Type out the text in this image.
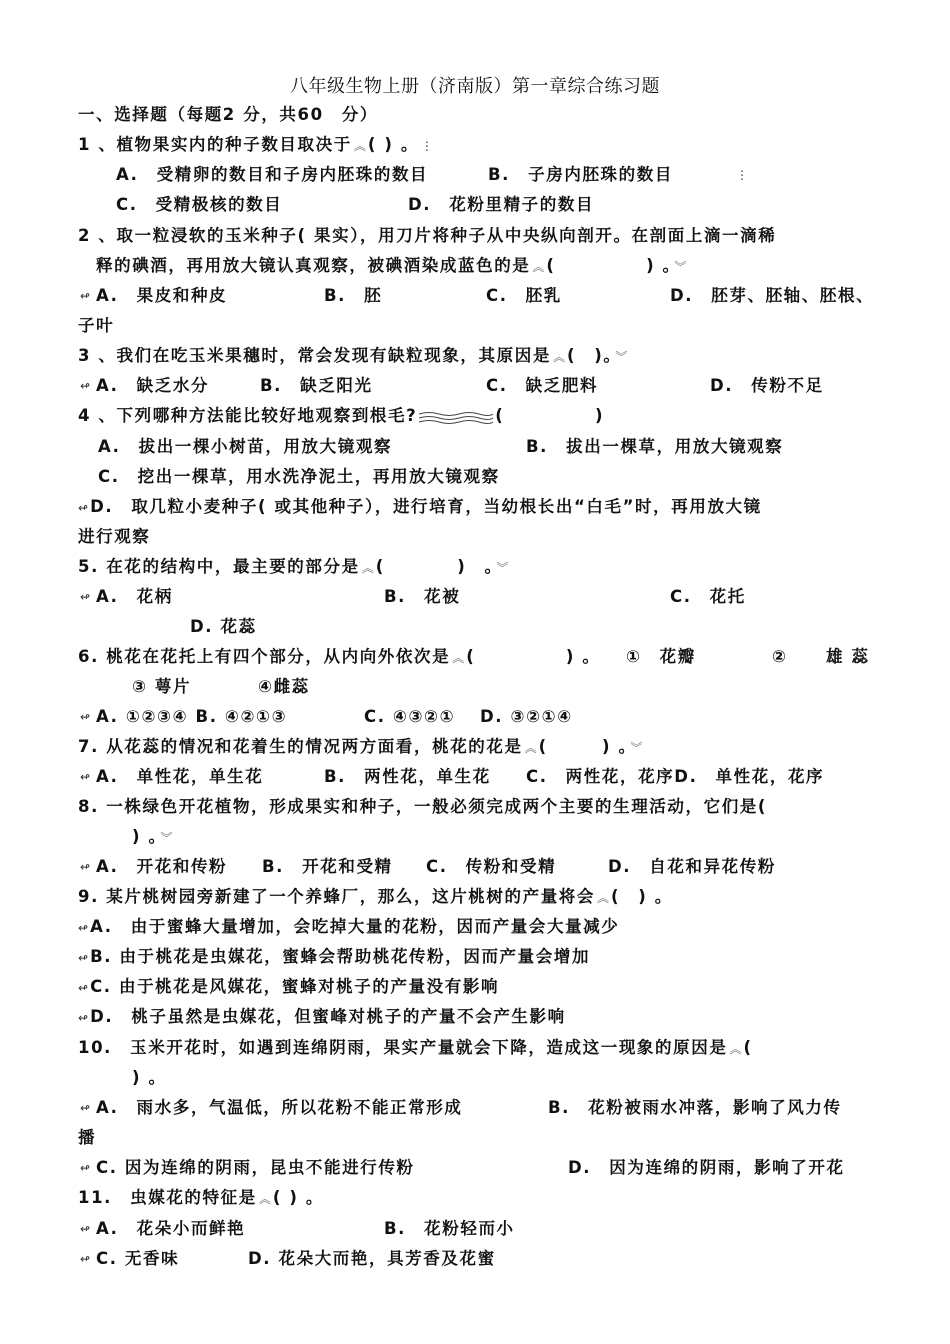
八年级生物上册（济南版）第一章综合练习题
一、选择题（每题2 分，共60　分）
1 、植物果实内的种子数目取决于 ︽ ( ) 。 ⋮
A.　受精卵的数目和子房内胚珠的数目	B.　子房内胚珠的数目	⋮
C.　受精极核的数目	D.　花粉里精子的数目
2 、取一粒浸软的玉米种子( 果实），用刀片将种子从中央纵向剖开。在剖面上滴一滴稀
释的碘酒，再用放大镜认真观察，被碘酒染成蓝色的是 ︽ (　　　　　) 。 ︾
↫ A.　果皮和种皮	B.　胚	C.　胚乳	D.　胚芽、胚轴、胚根、
子叶
3 、我们在吃玉米果穗时，常会发现有缺粒现象，其原因是 ︽ (　)。 ︾
↫ A.　缺乏水分	B.　缺乏阳光	C.　缺乏肥料	D.　传粉不足
4 、下列哪种方法能比较好地观察到根毛?	(　　　　　)
A.　拔出一棵小树苗，用放大镜观察	B.　拔出一棵草，用放大镜观察
C.　挖出一棵草，用水洗净泥土，再用放大镜观察
↫ D.　取几粒小麦种子( 或其他种子），进行培育，当幼根长出“白毛”时，再用放大镜
进行观察
5. 在花的结构中，最主要的部分是 ︽ (　　　　)　。 ︾
↫ A.　花柄	B.　花被	C.　花托
D. 花蕊
6. 桃花在花托上有四个部分，从内向外依次是 ︽ (　　　　　) 。 ①　花瓣	② 雄 蕊
③ 萼片	④雌蕊
↫ A. ①②③④ B. ④②①③	C. ④③②① D. ③②①④
7. 从花蕊的情况和花着生的情况两方面看，桃花的花是 ︽ (　　　) 。 ︾
↫ A.　单性花，单生花	B.　两性花，单生花 C.　两性花，花序D.　单性花，花序
8. 一株绿色开花植物，形成果实和种子，一般必须完成两个主要的生理活动，它们是(
) 。 ︾
↫ A.　开花和传粉 B.　开花和受精 C.　传粉和受精	D.　自花和异花传粉
9. 某片桃树园旁新建了一个养蜂厂，那么，这片桃树的产量将会 ︽ (　) 。
↫ A.　由于蜜蜂大量增加，会吃掉大量的花粉，因而产量会大量减少
↫ B. 由于桃花是虫媒花，蜜蜂会帮助桃花传粉，因而产量会增加
↫ C. 由于桃花是风媒花，蜜蜂对桃子的产量没有影响
↫ D.　桃子虽然是虫媒花，但蜜峰对桃子的产量不会产生影响
10.　玉米开花时，如遇到连绵阴雨，果实产量就会下降，造成这一现象的原因是 ︽ (
) 。
↫ A.　雨水多，气温低，所以花粉不能正常形成	B.　花粉被雨水冲落，影响了风力传
播
↫ C. 因为连绵的阴雨，昆虫不能进行传粉	D.　因为连绵的阴雨，影响了开花
11.　虫媒花的特征是 ︽ ( ) 。
↫ A.　花朵小而鲜艳	B.　花粉轻而小
↫ C. 无香味	D. 花朵大而艳，具芳香及花蜜
